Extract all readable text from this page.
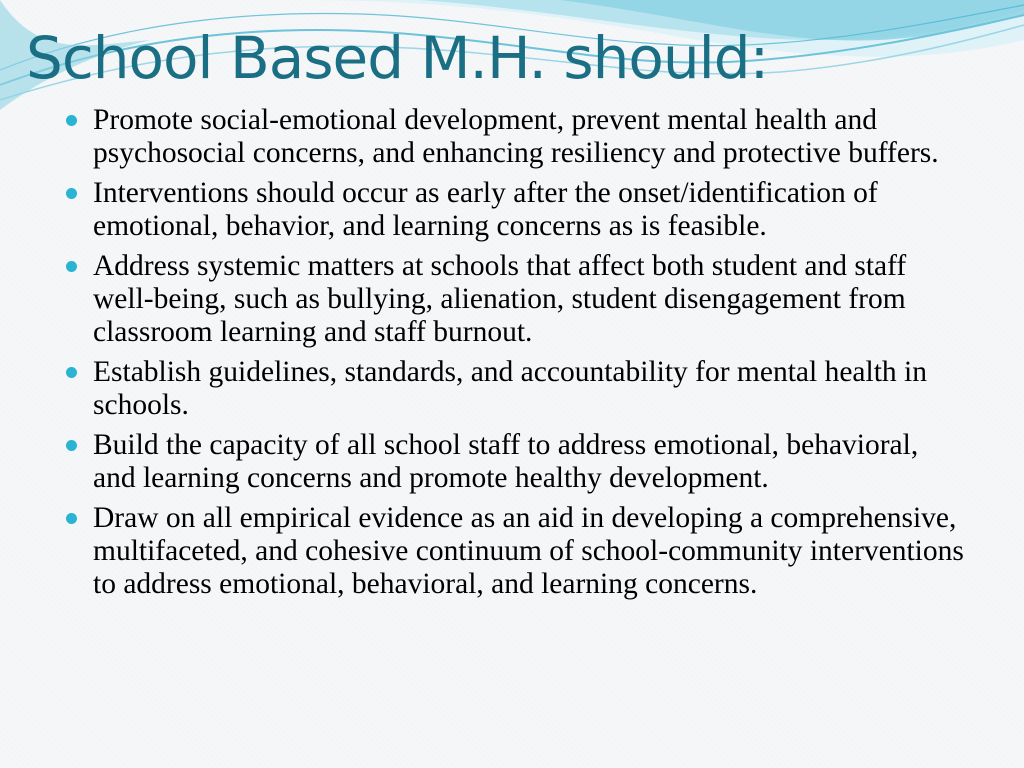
School Based M.H. should:
Promote social-emotional development, prevent mental health and psychosocial concerns, and enhancing resiliency and protective buffers.
Interventions should occur as early after the onset/identification of emotional, behavior, and learning concerns as is feasible.
Address systemic matters at schools that affect both student and staff well-being, such as bullying, alienation, student disengagement from classroom learning and staff burnout.
Establish guidelines, standards, and accountability for mental health in schools.
Build the capacity of all school staff to address emotional, behavioral, and learning concerns and promote healthy development.
Draw on all empirical evidence as an aid in developing a comprehensive, multifaceted, and cohesive continuum of school-community interventions to address emotional, behavioral, and learning concerns.
